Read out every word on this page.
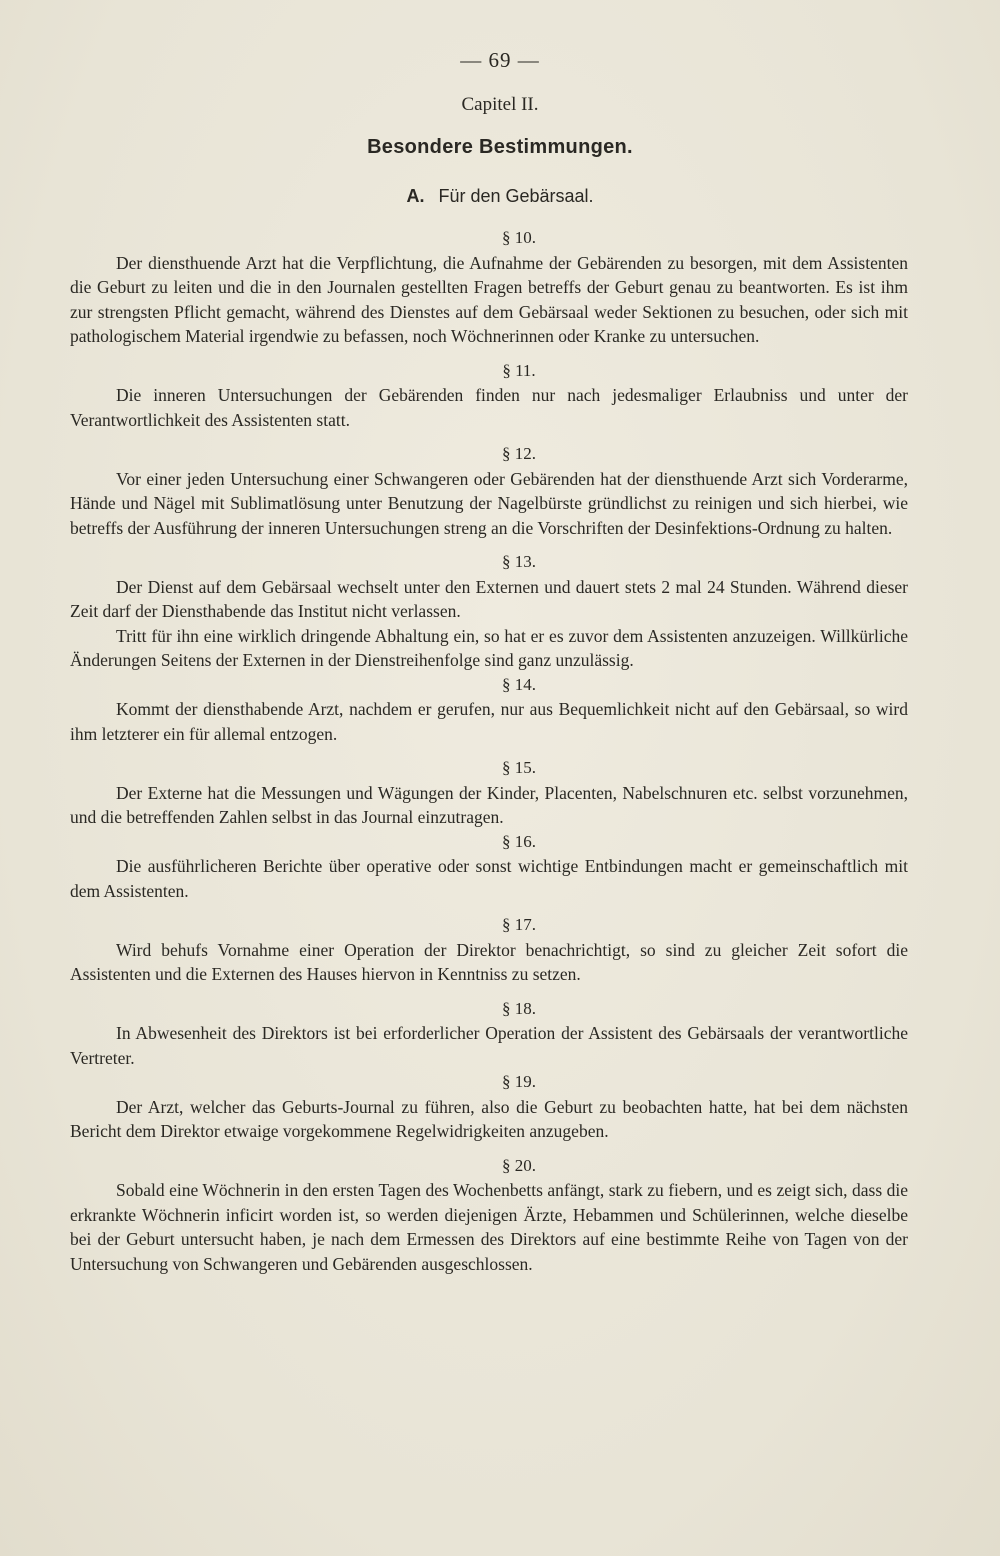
— 69 —
Capitel II.
Besondere Bestimmungen.
A. Für den Gebärsaal.
§ 10.

Der diensthuende Arzt hat die Verpflichtung, die Aufnahme der Gebärenden zu besorgen, mit dem Assistenten die Geburt zu leiten und die in den Journalen gestellten Fragen betreffs der Geburt genau zu beantworten. Es ist ihm zur strengsten Pflicht gemacht, während des Dienstes auf dem Gebärsaal weder Sektionen zu besuchen, oder sich mit pathologischem Material irgendwie zu befassen, noch Wöchnerinnen oder Kranke zu untersuchen.

§ 11.

Die inneren Untersuchungen der Gebärenden finden nur nach jedesmaliger Erlaubniss und unter der Verantwortlichkeit des Assistenten statt.

§ 12.

Vor einer jeden Untersuchung einer Schwangeren oder Gebärenden hat der diensthuende Arzt sich Vorderarme, Hände und Nägel mit Sublimatlösung unter Benutzung der Nagelbürste gründlichst zu reinigen und sich hierbei, wie betreffs der Ausführung der inneren Untersuchungen streng an die Vorschriften der Desinfektions-Ordnung zu halten.

§ 13.

Der Dienst auf dem Gebärsaal wechselt unter den Externen und dauert stets 2 mal 24 Stunden. Während dieser Zeit darf der Diensthabende das Institut nicht verlassen.

Tritt für ihn eine wirklich dringende Abhaltung ein, so hat er es zuvor dem Assistenten anzuzeigen. Willkürliche Änderungen Seitens der Externen in der Dienstreihenfolge sind ganz unzulässig.

§ 14.

Kommt der diensthabende Arzt, nachdem er gerufen, nur aus Bequemlichkeit nicht auf den Gebärsaal, so wird ihm letzterer ein für allemal entzogen.

§ 15.

Der Externe hat die Messungen und Wägungen der Kinder, Placenten, Nabelschnuren etc. selbst vorzunehmen, und die betreffenden Zahlen selbst in das Journal einzutragen.

§ 16.

Die ausführlicheren Berichte über operative oder sonst wichtige Entbindungen macht er gemeinschaftlich mit dem Assistenten.

§ 17.

Wird behufs Vornahme einer Operation der Direktor benachrichtigt, so sind zu gleicher Zeit sofort die Assistenten und die Externen des Hauses hiervon in Kenntniss zu setzen.

§ 18.

In Abwesenheit des Direktors ist bei erforderlicher Operation der Assistent des Gebärsaals der verantwortliche Vertreter.

§ 19.

Der Arzt, welcher das Geburts-Journal zu führen, also die Geburt zu beobachten hatte, hat bei dem nächsten Bericht dem Direktor etwaige vorgekommene Regelwidrigkeiten anzugeben.

§ 20.

Sobald eine Wöchnerin in den ersten Tagen des Wochenbetts anfängt, stark zu fiebern, und es zeigt sich, dass die erkrankte Wöchnerin inficirt worden ist, so werden diejenigen Ärzte, Hebammen und Schülerinnen, welche dieselbe bei der Geburt untersucht haben, je nach dem Ermessen des Direktors auf eine bestimmte Reihe von Tagen von der Untersuchung von Schwangeren und Gebärenden ausgeschlossen.
